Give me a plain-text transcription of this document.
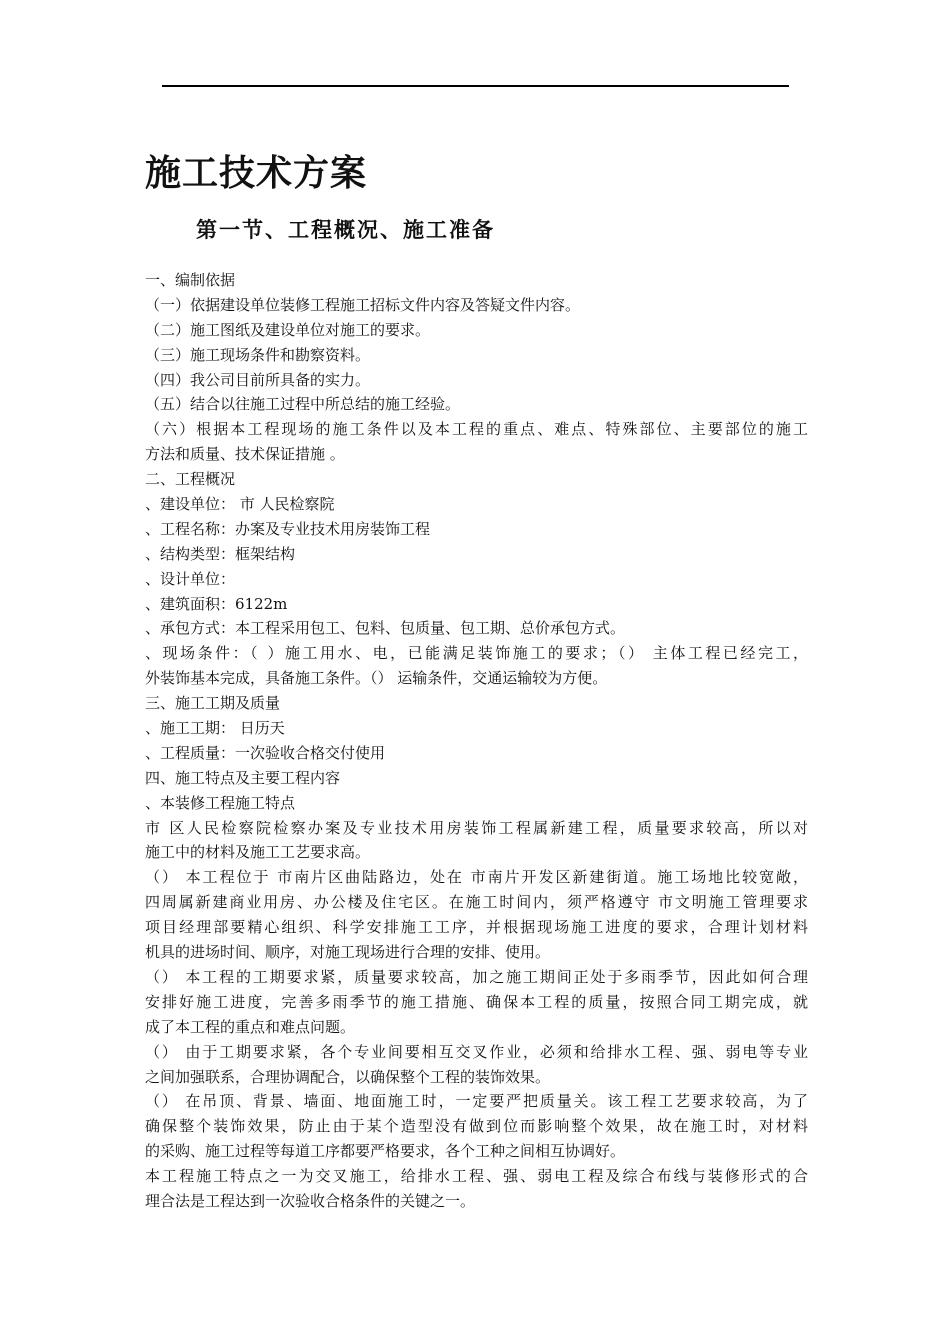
施工技术方案
第一节、工程概况、施工准备
一、编制依据
（一）依据建设单位装修工程施工招标文件内容及答疑文件内容。
（二）施工图纸及建设单位对施工的要求。
（三）施工现场条件和勘察资料。
（四）我公司目前所具备的实力。
（五）结合以往施工过程中所总结的施工经验。
（六）根据本工程现场的施工条件以及本工程的重点、难点、特殊部位、主要部位的施工
方法和质量、技术保证措施 。
二、工程概况
、建设单位： 市 人民检察院
、工程名称：办案及专业技术用房装饰工程
、结构类型：框架结构
、设计单位：
、建筑面积：6122m
、承包方式：本工程采用包工、包料、包质量、包工期、总价承包方式。
、现场条件：（ ）施工用水、电，已能满足装饰施工的要求；（） 主体工程已经完工，
外装饰基本完成，具备施工条件。（） 运输条件，交通运输较为方便。
三、施工工期及质量
、施工工期： 日历天
、工程质量：一次验收合格交付使用
四、施工特点及主要工程内容
、本装修工程施工特点
市 区人民检察院检察办案及专业技术用房装饰工程属新建工程，质量要求较高，所以对
施工中的材料及施工工艺要求高。
（） 本工程位于 市南片区曲陆路边，处在 市南片开发区新建街道。施工场地比较宽敞，
四周属新建商业用房、办公楼及住宅区。在施工时间内，须严格遵守 市文明施工管理要求
项目经理部要精心组织、科学安排施工工序，并根据现场施工进度的要求，合理计划材料
机具的进场时间、顺序，对施工现场进行合理的安排、使用。
（） 本工程的工期要求紧，质量要求较高，加之施工期间正处于多雨季节，因此如何合理
安排好施工进度，完善多雨季节的施工措施、确保本工程的质量，按照合同工期完成，就
成了本工程的重点和难点问题。
（） 由于工期要求紧，各个专业间要相互交叉作业，必须和给排水工程、强、弱电等专业
之间加强联系，合理协调配合，以确保整个工程的装饰效果。
（） 在吊顶、背景、墙面、地面施工时，一定要严把质量关。该工程工艺要求较高，为了
确保整个装饰效果，防止由于某个造型没有做到位而影响整个效果，故在施工时，对材料
的采购、施工过程等每道工序都要严格要求，各个工种之间相互协调好。
本工程施工特点之一为交叉施工，给排水工程、强、弱电工程及综合布线与装修形式的合
理合法是工程达到一次验收合格条件的关键之一。
